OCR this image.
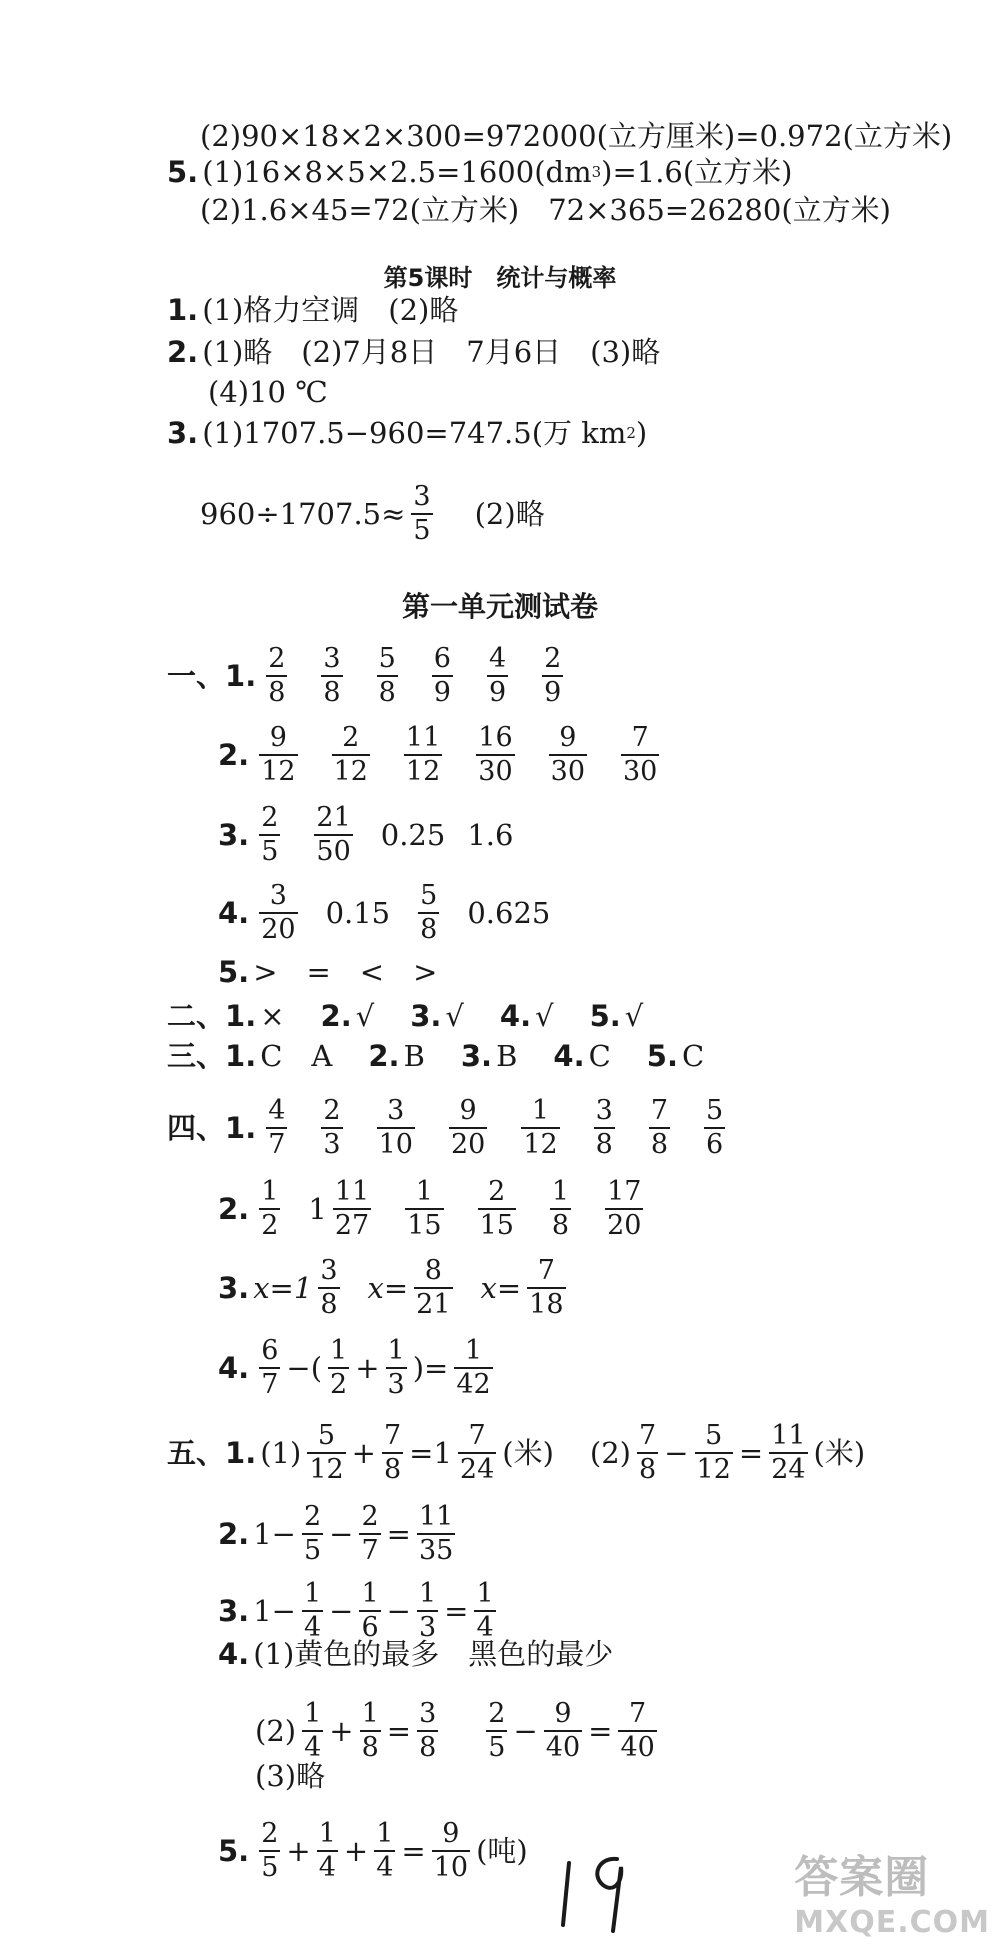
(2)90×18×2×300=972000(立方厘米)=0.972(立方米)
5. (1)16×8×5×2.5=1600(dm 3 )=1.6(立方米)
(2)1.6×45=72(立方米)　72×365=26280(立方米)
第5课时　统计与概率
1. (1)格力空调　(2)略
2. (1)略　(2)7月8日　7月6日　(3)略
(4)10 ℃
3. (1)1707.5−960=747.5(万 km 2 )
$960\div 1707.5\approx \frac{3}{5} (2)$略
第一单元测试卷
一、 1. $\frac{2}{8} \frac{3}{8} \frac{5}{8} \frac{6}{9} \frac{4}{9} \frac{2}{9}$
2. $\frac{9}{12} \frac{2}{12} \frac{11}{12} \frac{16}{30} \frac{9}{30} \frac{7}{30}$
3. $\frac{2}{5} \frac{21}{50} 0.25$ 1.6
4. $\frac{3}{20} 0.15 \frac{5}{8} 0.625$
5. >　=　<　>
二、 1. × 2. √ 3. √ 4. √ 5. √
三、 1. C　A 2. B 3. B 4. C 5. C
四、 1. $\frac{4}{7} \frac{2}{3} \frac{3}{10} \frac{9}{20} \frac{1}{12} \frac{3}{8} \frac{7}{8} \frac{5}{6}$
2. $\frac{1}{2} 1 \frac{11}{27} \frac{1}{15} \frac{2}{15} \frac{1}{8} \frac{17}{20}$
3. $x=1 \frac{3}{8} x= \frac{8}{21} x= \frac{7}{18}$
4. $\frac{6}{7}$ −( $\frac{1}{2} + \frac{1}{3}$ )= $\frac{1}{42}$
五、 1. $(1) \frac{5}{12} + \frac{7}{8} =1 \frac{7}{24}$ (米) $(2) \frac{7}{8} - \frac{5}{12} = \frac{11}{24}$ (米)
2. $1- \frac{2}{5} - \frac{2}{7} = \frac{11}{35}$
3. $1- \frac{1}{4} - \frac{1}{6} - \frac{1}{3} = \frac{1}{4}$
4. (1)黄色的最多　黑色的最少
$(2) \frac{1}{4} + \frac{1}{8} = \frac{3}{8} \frac{2}{5} - \frac{9}{40} = \frac{7}{40}$
(3)略
5. $\frac{2}{5} + \frac{1}{4} + \frac{1}{4} = \frac{9}{10}$ (吨)
答案圈
MXQE.COM
